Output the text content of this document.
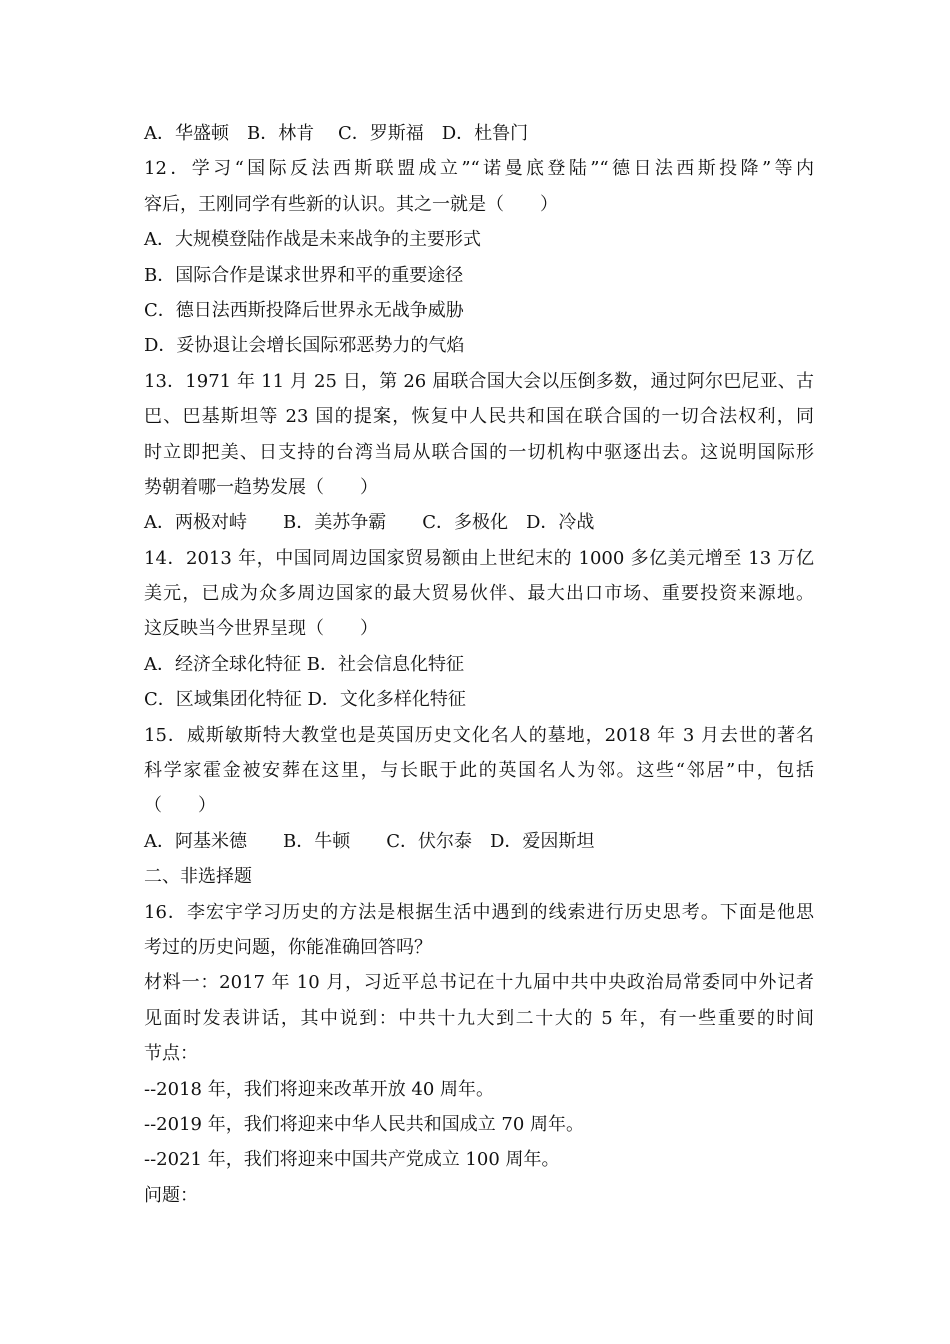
A．华盛顿　B．林肯　 C．罗斯福　D．杜鲁门
12．学习“国际反法西斯联盟成立”“诺曼底登陆”“德日法西斯投降”等内
容后，王刚同学有些新的认识。其之一就是（　　）
A．大规模登陆作战是未来战争的主要形式
B．国际合作是谋求世界和平的重要途径
C．德日法西斯投降后世界永无战争威胁
D．妥协退让会增长国际邪恶势力的气焰
13．1971 年 11 月 25 日，第 26 届联合国大会以压倒多数，通过阿尔巴尼亚、古
巴、巴基斯坦等 23 国的提案，恢复中人民共和国在联合国的一切合法权利，同
时立即把美、日支持的台湾当局从联合国的一切机构中驱逐出去。这说明国际形
势朝着哪一趋势发展（　　）
A．两极对峙　　B．美苏争霸　　C．多极化　D．冷战
14．2013 年，中国同周边国家贸易额由上世纪末的 1000 多亿美元增至 13 万亿
美元，已成为众多周边国家的最大贸易伙伴、最大出口市场、重要投资来源地。
这反映当今世界呈现（　　）
A．经济全球化特征 B．社会信息化特征
C．区域集团化特征 D．文化多样化特征
15．威斯敏斯特大教堂也是英国历史文化名人的墓地，2018 年 3 月去世的著名
科学家霍金被安葬在这里，与长眠于此的英国名人为邻。这些“邻居”中，包括
（　　）
A．阿基米德　　B．牛顿　　C．伏尔泰　D．爱因斯坦
二、非选择题
16．李宏宇学习历史的方法是根据生活中遇到的线索进行历史思考。下面是他思
考过的历史问题，你能准确回答吗？
材料一：2017 年 10 月，习近平总书记在十九届中共中央政治局常委同中外记者
见面时发表讲话，其中说到：中共十九大到二十大的 5 年，有一些重要的时间
节点：
--2018 年，我们将迎来改革开放 40 周年。
--2019 年，我们将迎来中华人民共和国成立 70 周年。
--2021 年，我们将迎来中国共产党成立 100 周年。
问题：
